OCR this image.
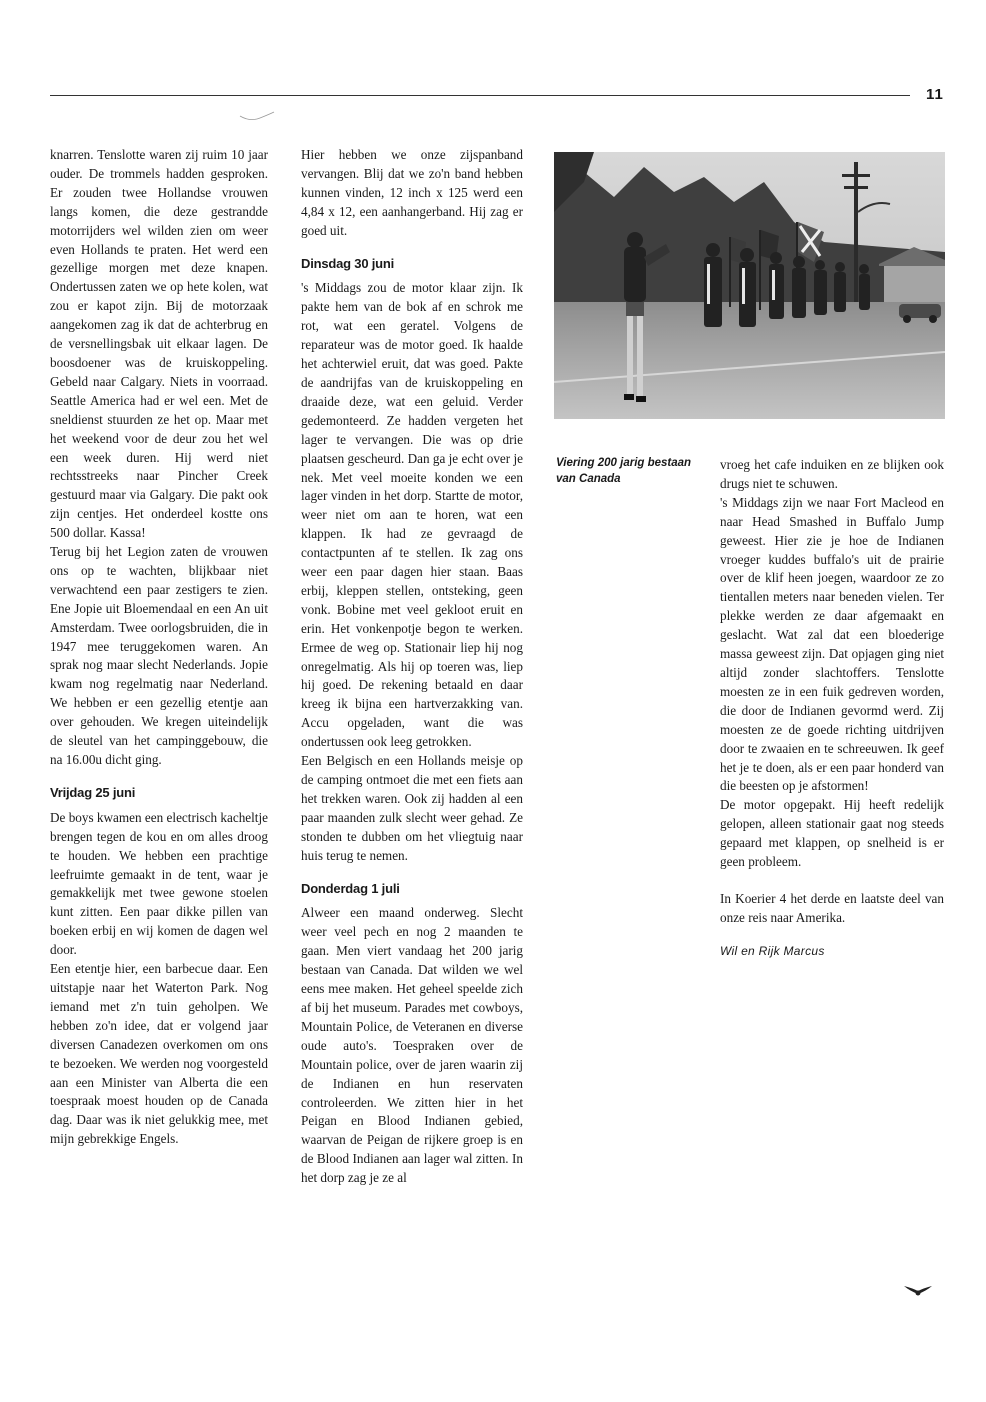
11

knarren. Tenslotte waren zij ruim 10 jaar ouder. De trommels hadden gesproken. Er zouden twee Hollandse vrouwen langs komen, die deze gestrandde motorrijders wel wilden zien om weer even Hollands te praten. Het werd een gezellige morgen met deze knapen. Ondertussen zaten we op hete kolen, wat zou er kapot zijn. Bij de motorzaak aangekomen zag ik dat de achterbrug en de versnellingsbak uit elkaar lagen. De boosdoener was de kruiskoppeling. Gebeld naar Calgary. Niets in voorraad. Seattle America had er wel een. Met de sneldienst stuurden ze het op. Maar met het weekend voor de deur zou het wel een week duren. Hij werd niet rechtsstreeks naar Pincher Creek gestuurd maar via Galgary. Die pakt ook zijn centjes. Het onderdeel kostte ons 500 dollar. Kassa!

Terug bij het Legion zaten de vrouwen ons op te wachten, blijkbaar niet verwachtend een paar zestigers te zien. Ene Jopie uit Bloemendaal en een An uit Amsterdam. Twee oorlogsbruiden, die in 1947 mee teruggekomen waren. An sprak nog maar slecht Nederlands. Jopie kwam nog regelmatig naar Nederland. We hebben er een gezellig etentje aan over gehouden. We kregen uiteindelijk de sleutel van het campinggebouw, die na 16.00u dicht ging.

Vrijdag 25 juni

De boys kwamen een electrisch kacheltje brengen tegen de kou en om alles droog te houden. We hebben een prachtige leefruimte gemaakt in de tent, waar je gemakkelijk met twee gewone stoelen kunt zitten. Een paar dikke pillen van boeken erbij en wij komen de dagen wel door.

Een etentje hier, een barbecue daar. Een uitstapje naar het Waterton Park. Nog iemand met z'n tuin geholpen. We hebben zo'n idee, dat er volgend jaar diversen Canadezen overkomen om ons te bezoeken. We werden nog voorgesteld aan een Minister van Alberta die een toespraak moest houden op de Canada dag. Daar was ik niet gelukkig mee, met mijn gebrekkige Engels.

Hier hebben we onze zijspanband vervangen. Blij dat we zo'n band hebben kunnen vinden, 12 inch x 125 werd een 4,84 x 12, een aanhangerband. Hij zag er goed uit.

Dinsdag 30 juni

's Middags zou de motor klaar zijn. Ik pakte hem van de bok af en schrok me rot, wat een geratel. Volgens de reparateur was de motor goed. Ik haalde het achterwiel eruit, dat was goed. Pakte de aandrijfas van de kruiskoppeling en draaide deze, wat een geluid. Verder gedemonteerd. Ze hadden vergeten het lager te vervangen. Die was op drie plaatsen gescheurd. Dan ga je echt over je nek. Met veel moeite konden we een lager vinden in het dorp. Startte de motor, weer niet om aan te horen, wat een klappen. Ik had ze gevraagd de contactpunten af te stellen. Ik zag ons weer een paar dagen hier staan. Baas erbij, kleppen stellen, ontsteking, geen vonk. Bobine met veel gekloot eruit en erin. Het vonkenpotje begon te werken. Ermee de weg op. Stationair liep hij nog onregelmatig. Als hij op toeren was, liep hij goed. De rekening betaald en daar kreeg ik bijna een hartverzakking van. Accu opgeladen, want die was ondertussen ook leeg getrokken.

Een Belgisch en een Hollands meisje op de camping ontmoet die met een fiets aan het trekken waren. Ook zij hadden al een paar maanden zulk slecht weer gehad. Ze stonden te dubben om het vliegtuig naar huis terug te nemen.

Donderdag 1 juli

Alweer een maand onderweg. Slecht weer veel pech en nog 2 maanden te gaan. Men viert vandaag het 200 jarig bestaan van Canada. Dat wilden we wel eens mee maken. Het geheel speelde zich af bij het museum. Parades met cowboys, Mountain Police, de Veteranen en diverse oude auto's. Toespraken over de Mountain police, over de jaren waarin zij de Indianen en hun reservaten controleerden. We zitten hier in het Peigan en Blood Indianen gebied, waarvan de Peigan de rijkere groep is en de Blood Indianen aan lager wal zitten. In het dorp zag je ze al

Viering 200 jarig bestaan van Canada

vroeg het cafe induiken en ze blijken ook drugs niet te schuwen.

's Middags zijn we naar Fort Macleod en naar Head Smashed in Buffalo Jump geweest. Hier zie je hoe de Indianen vroeger kuddes buffalo's uit de prairie over de klif heen joegen, waardoor ze zo tientallen meters naar beneden vielen. Ter plekke werden ze daar afgemaakt en geslacht. Wat zal dat een bloederige massa geweest zijn. Dat opjagen ging niet altijd zonder slachtoffers. Tenslotte moesten ze in een fuik gedreven worden, die door de Indianen gevormd werd. Zij moesten ze de goede richting uitdrijven door te zwaaien en te schreeuwen. Ik geef het je te doen, als er een paar honderd van die beesten op je afstormen!

De motor opgepakt. Hij heeft redelijk gelopen, alleen stationair gaat nog steeds gepaard met klappen, op snelheid is er geen probleem.

In Koerier 4 het derde en laatste deel van onze reis naar Amerika.

Wil en Rijk Marcus
